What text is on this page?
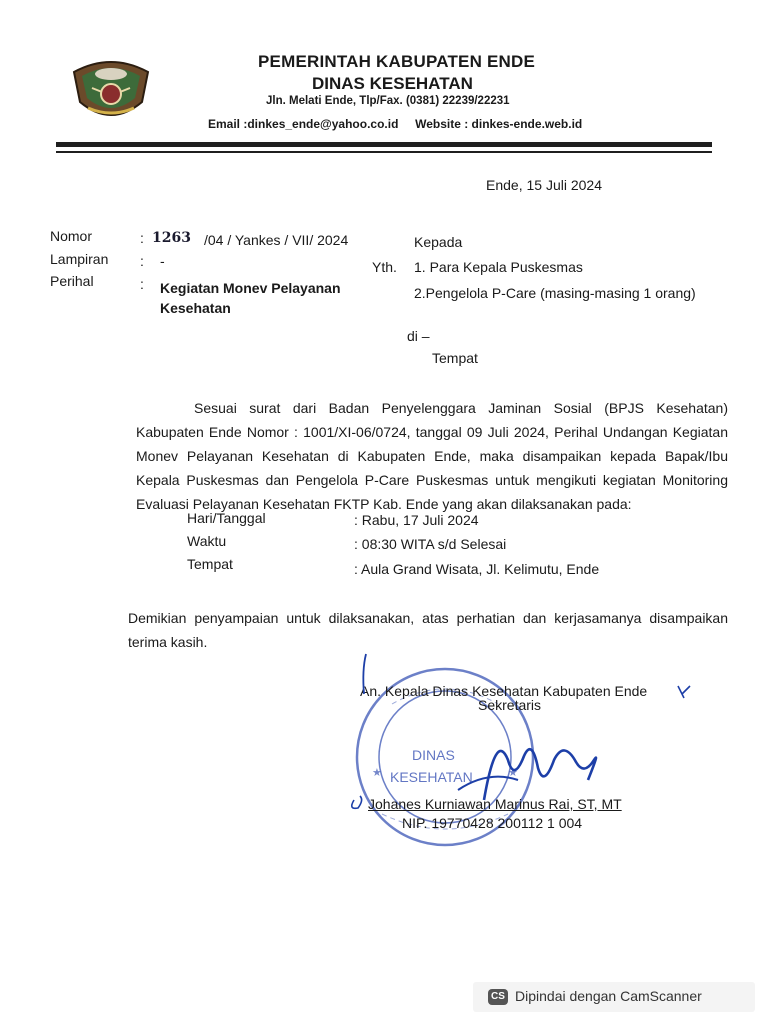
PEMERINTAH KABUPATEN ENDE
DINAS KESEHATAN
Jln. Melati Ende, Tlp/Fax. (0381) 22239/22231
Email :dinkes_ende@yahoo.co.id     Website : dinkes-ende.web.id
Ende, 15 Juli 2024
Nomor	: 1263 /04 / Yankes / VII/ 2024
Lampiran : -
Perihal	: Kegiatan Monev Pelayanan
Kesehatan
Kepada
Yth. 1. Para Kepala Puskesmas
2.Pengelola P-Care (masing-masing 1 orang)
di –
Tempat
Sesuai surat dari Badan Penyelenggara Jaminan Sosial (BPJS Kesehatan) Kabupaten Ende Nomor : 1001/XI-06/0724, tanggal 09 Juli 2024, Perihal Undangan Kegiatan Monev Pelayanan Kesehatan di Kabupaten Ende, maka disampaikan kepada Bapak/Ibu Kepala Puskesmas dan Pengelola P-Care Puskesmas untuk mengikuti kegiatan Monitoring Evaluasi Pelayanan Kesehatan FKTP Kab. Ende yang akan dilaksanakan pada:
Hari/Tanggal	: Rabu, 17 Juli 2024
Waktu	: 08:30 WITA s/d Selesai
Tempat	: Aula Grand Wisata, Jl. Kelimutu, Ende
Demikian penyampaian untuk dilaksanakan, atas perhatian dan kerjasamanya disampaikan terima kasih.
DINAS
KESEHATAN
★	★
An. Kepala Dinas Kesehatan Kabupaten Ende
Sekretaris
Johanes Kurniawan Marinus Rai, ST, MT
NIP. 19770428 200112 1 004
CS Dipindai dengan CamScanner
